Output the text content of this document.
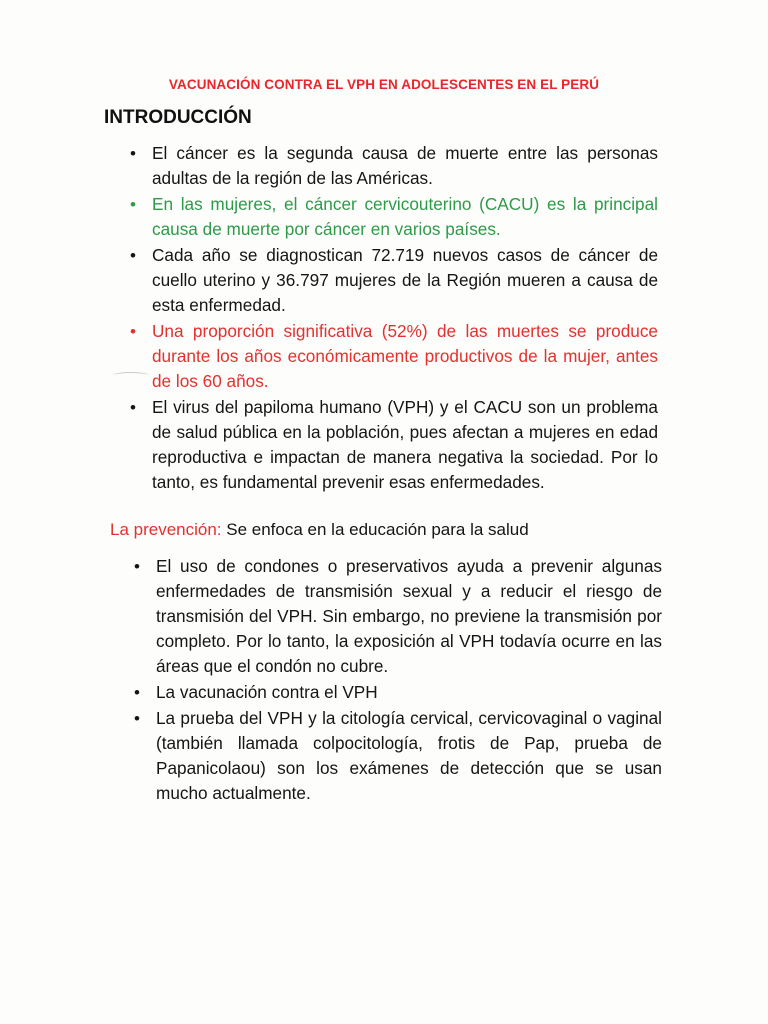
VACUNACIÓN CONTRA EL VPH EN ADOLESCENTES EN EL PERÚ
INTRODUCCIÓN
• El cáncer es la segunda causa de muerte entre las personas adultas de la región de las Américas.
• En las mujeres, el cáncer cervicouterino (CACU) es la principal causa de muerte por cáncer en varios países.
• Cada año se diagnostican 72.719 nuevos casos de cáncer de cuello uterino y 36.797 mujeres de la Región mueren a causa de esta enfermedad.
• Una proporción significativa (52%) de las muertes se produce durante los años económicamente productivos de la mujer, antes de los 60 años.
• El virus del papiloma humano (VPH) y el CACU son un problema de salud pública en la población, pues afectan a mujeres en edad reproductiva e impactan de manera negativa la sociedad. Por lo tanto, es fundamental prevenir esas enfermedades.
La prevención: Se enfoca en la educación para la salud
• El uso de condones o preservativos ayuda a prevenir algunas enfermedades de transmisión sexual y a reducir el riesgo de transmisión del VPH. Sin embargo, no previene la transmisión por completo. Por lo tanto, la exposición al VPH todavía ocurre en las áreas que el condón no cubre.
• La vacunación contra el VPH
• La prueba del VPH y la citología cervical, cervicovaginal o vaginal (también llamada colpocitología, frotis de Pap, prueba de Papanicolaou) son los exámenes de detección que se usan mucho actualmente.
